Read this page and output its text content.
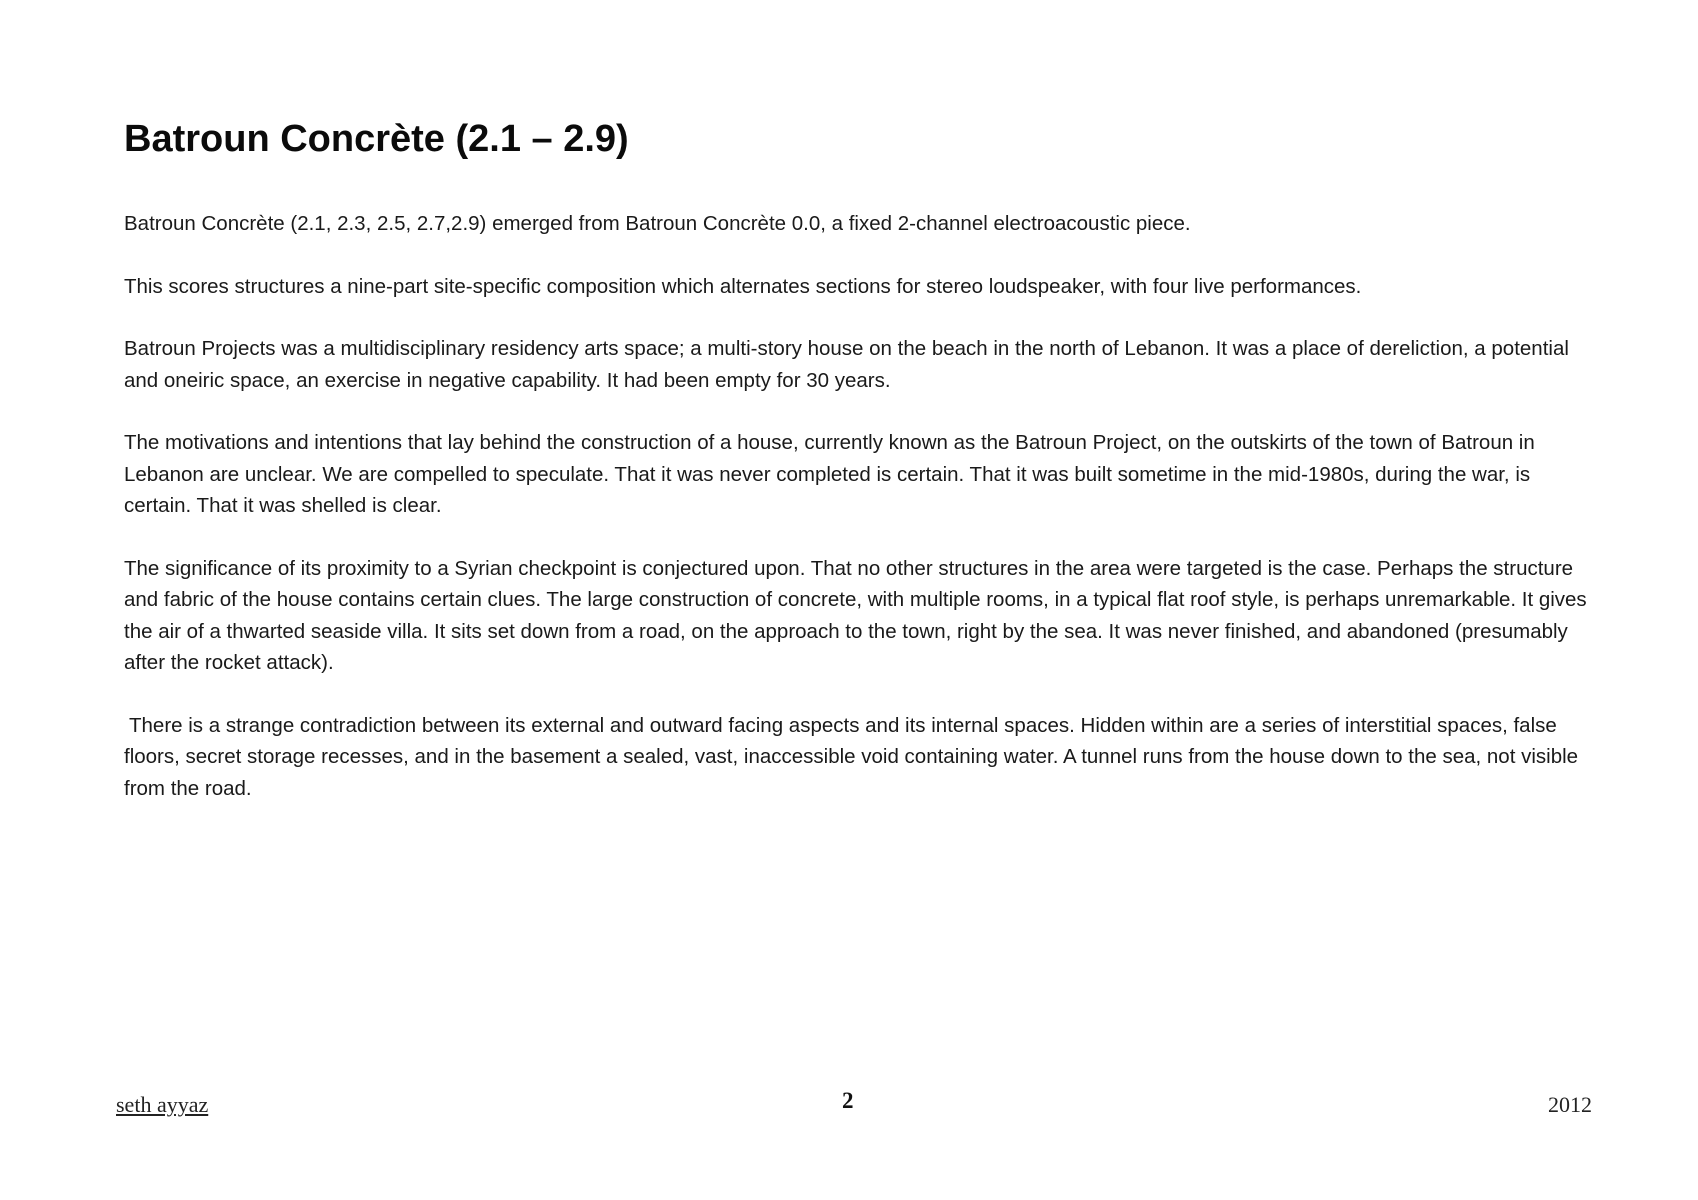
Batroun Concrète (2.1 – 2.9)

Batroun Concrète (2.1, 2.3, 2.5, 2.7,2.9) emerged from Batroun Concrète 0.0, a fixed 2-channel electroacoustic piece.

This scores structures a nine-part site-specific composition which alternates sections for stereo loudspeaker, with four live performances.

Batroun Projects was a multidisciplinary residency arts space; a multi-story house on the beach in the north of Lebanon. It was a place of dereliction, a potential and oneiric space, an exercise in negative capability. It had been empty for 30 years.

The motivations and intentions that lay behind the construction of a house, currently known as the Batroun Project, on the outskirts of the town of Batroun in Lebanon are unclear. We are compelled to speculate. That it was never completed is certain. That it was built sometime in the mid-1980s, during the war, is certain. That it was shelled is clear.

The significance of its proximity to a Syrian checkpoint is conjectured upon. That no other structures in the area were targeted is the case. Perhaps the structure and fabric of the house contains certain clues. The large construction of concrete, with multiple rooms, in a typical flat roof style, is perhaps unremarkable. It gives the air of a thwarted seaside villa. It sits set down from a road, on the approach to the town, right by the sea. It was never finished, and abandoned (presumably after the rocket attack).

There is a strange contradiction between its external and outward facing aspects and its internal spaces. Hidden within are a series of interstitial spaces, false floors, secret storage recesses, and in the basement a sealed, vast, inaccessible void containing water. A tunnel runs from the house down to the sea, not visible from the road.

seth ayyaz	2	2012
